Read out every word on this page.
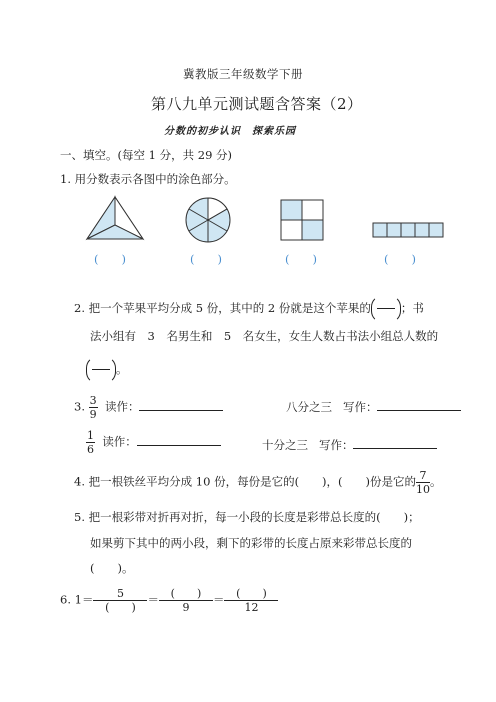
冀教版三年级数学下册
第八九单元测试题含答案（2）
分数的初步认识　探索乐园
一、填空。(每空 1 分，共 29 分)
1. 用分数表示各图中的涂色部分。
(　　)	(　　)	(　　)	(　　)
2. 把一个苹果平均分成 5 份，其中的 2 份就是这个苹果的	；书
法小组有　3　名男生和　5　名女生，女生人数占书法小组总人数的
。
3. $\frac{3}{9}$ 读作：	八分之三 写作：
$\frac{1}{6}$ 读作：	十分之三 写作：
4. 把一根铁丝平均分成 10 份，每份是它的(　　)，(　　)份是它的 $\frac{7}{10}$ 。
5. 把一根彩带对折再对折，每一小段的长度是彩带总长度的(　　)；
如果剪下其中的两小段，剩下的彩带的长度占原来彩带总长度的
(　　)。
6. $1= \frac{5}{( )} = \frac{( )}{9} = \frac{( )}{12}$
